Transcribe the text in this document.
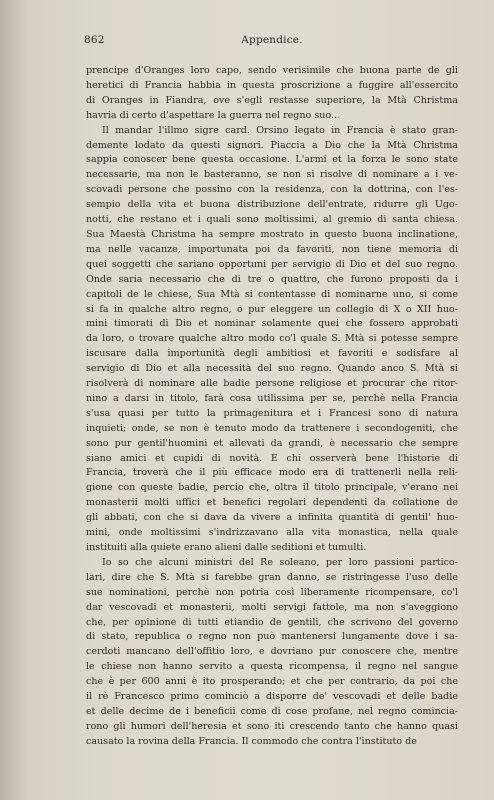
862	Appendice.
prencipe d'Oranges loro capo, sendo verisimile che buona parte de gli
heretici di Francia habbia in questa proscrizione a fuggire all'essercito
di Oranges in Fiandra, ove s'egli restasse superiore, la Mtà Christma
havria di certo d'aspettare la guerra nel regno suo...
Il mandar l'illmo sigre card. Orsino legato in Francia è stato gran-
demente lodato da questi signori. Piaccia a Dio che la Mtà Christma
sappia conoscer bene questa occasione. L'armi et la forza le sono state
necessarie, ma non le basteranno, se non si risolve di nominare a i ve-
scovadi persone che possino con la residenza, con la dottrina, con l'es-
sempio della vita et buona distribuzione dell'entrate, ridurre gli Ugo-
notti, che restano et i quali sono moltissimi, al gremio di santa chiesa.
Sua Maestà Christma ha sempre mostrato in questo buona inclinatione,
ma nelle vacanze, importunata poi da favoriti, non tiene memoria di
quei soggetti che sariano opportuni per servigio di Dio et del suo regno.
Onde saria necessario che di tre o quattro, che furono proposti da i
capitoli de le chiese, Sua Mtà si contentasse di nominarne uno, si come
si fa in qualche altro regno, o pur eleggere un collegio di X o XII huo-
mini timorati di Dio et nominar solamente quei che fossero approbati
da loro, o trovare qualche altro modo co'l quale S. Mtà si potesse sempre
iscusare dalla importunità degli ambitiosi et favoriti e sodisfare al
servigio di Dio et alla necessità del suo regno. Quando anco S. Mtà si
risolverà di nominare alle badie persone religiose et procurar che ritor-
nino a darsi in titolo, farà cosa utilissima per se, perchè nella Francia
s'usa quasi per tutto la primagenitura et i Francesi sono di natura
inquieti; onde, se non è tenuto modo da trattenere i secondogeniti, che
sono pur gentil'huomini et allevati da grandi, è necessario che sempre
siano amici et cupidi di novità. E chi osserverà bene l'historie di
Francia, troverà che il più efficace modo era di trattenerli nella reli-
gione con queste badie, percio che, oltra il titolo principale, v'erano nei
monasterii molti uffici et benefici regolari dependenti da collatione de
gli abbati, con che si dava da vivere a infinita quantità di gentil' huo-
mini, onde moltissimi s'indrizzavano alla vita monastica, nella quale
instituiti alla quiete erano alieni dalle seditioni et tumulti.
Io so che alcuni ministri del Re soleano, per loro passioni partico-
lari, dire che S. Mtà si farebbe gran danno, se ristringesse l'uso delle
sue nominationi, perchè non potria così liberamente ricompensare, co'l
dar vescovadi et monasterii, molti servigi fattole, ma non s'aveggiono
che, per opinione di tutti etiandio de gentili, che scrivono del governo
di stato, republica o regno non può mantenersi lungamente dove i sa-
cerdoti mancano dell'offitio loro, e dovriano pur conoscere che, mentre
le chiese non hanno servito a questa ricompensa, il regno nel sangue
che è per 600 anni è ito prosperando; et che per contrario, da poi che
il rè Francesco primo cominciò a disporre de' vescovadi et delle badie
et delle decime de i beneficii come di cose profane, nel regno comincia-
rono gli humori dell'heresia et sono iti crescendo tanto che hanno quasi
causato la rovina della Francia. Il commodo che contra l'instituto de
